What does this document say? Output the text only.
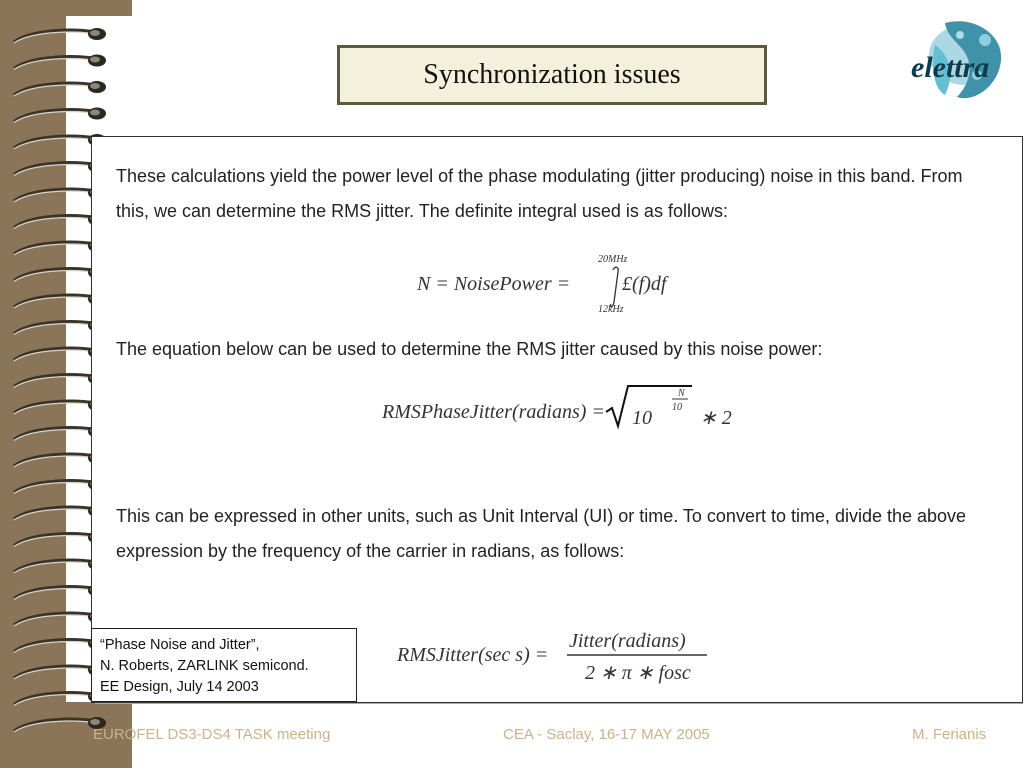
Synchronization issues	elettra

These calculations yield the power level of the phase modulating (jitter producing) noise in this band. From this, we can determine the RMS jitter. The definite integral used is as follows:

N = NoisePower =
20MHz
12kHz
£(f)df

The equation below can be used to determine the RMS jitter caused by this noise power:

RMSPhaseJitter(radians) = 10
N
10 ∗ 2

This can be expressed in other units, such as Unit Interval (UI) or time. To convert to time, divide the above expression by the frequency of the carrier in radians, as follows:

RMSJitter(sec s) =
Jitter(radians)
2 ∗ π ∗ fosc
“Phase Noise and Jitter”,
N. Roberts, ZARLINK semicond.
EE Design, July 14 2003
EUROFEL DS3-DS4 TASK meeting	CEA - Saclay, 16-17 MAY 2005	M. Ferianis
